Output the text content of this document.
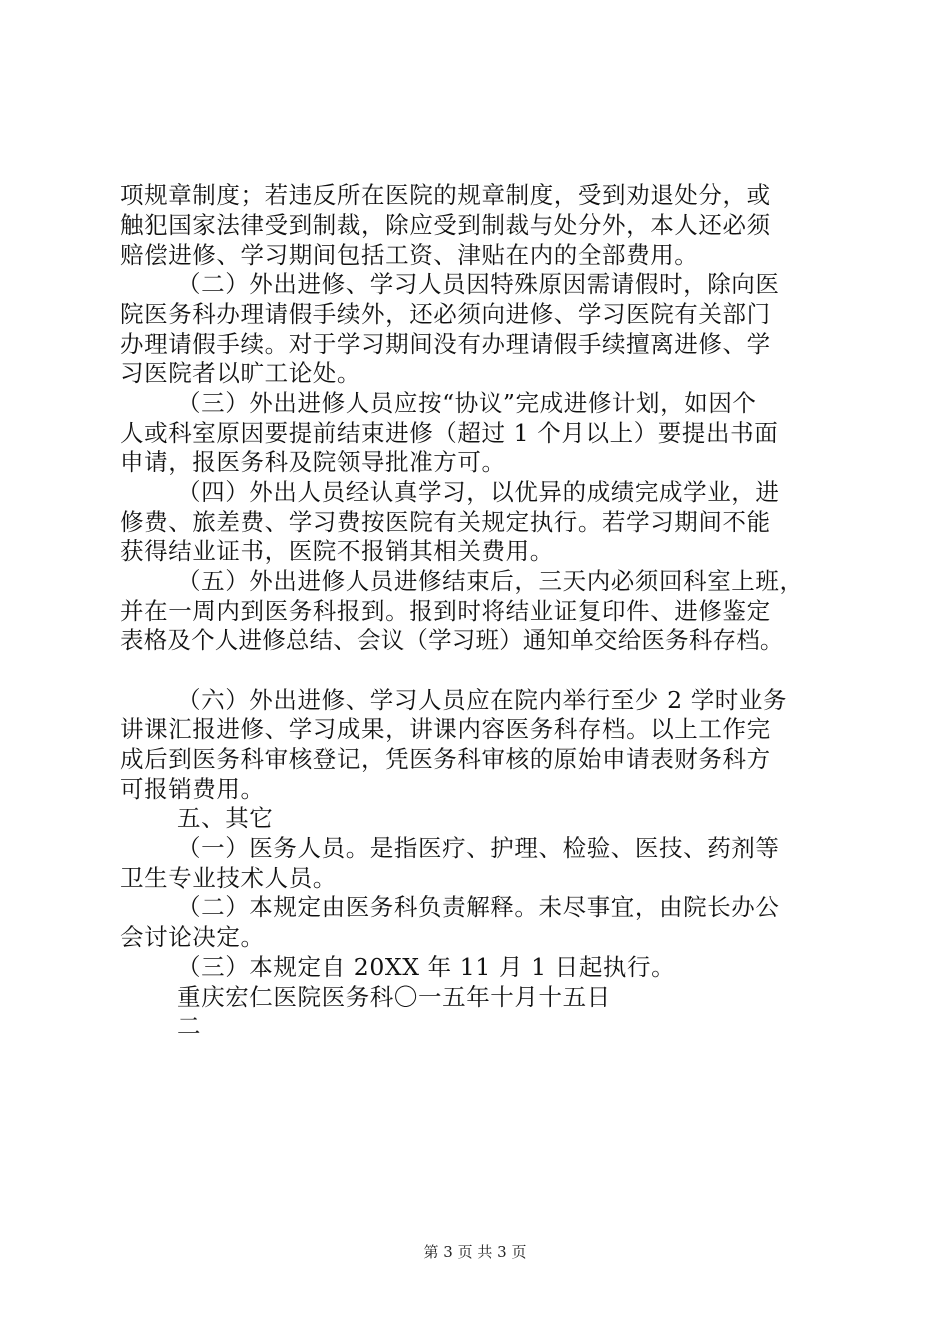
项规章制度；若违反所在医院的规章制度，受到劝退处分，或
触犯国家法律受到制裁，除应受到制裁与处分外，本人还必须
赔偿进修、学习期间包括工资、津贴在内的全部费用。
（二）外出进修、学习人员因特殊原因需请假时，除向医
院医务科办理请假手续外，还必须向进修、学习医院有关部门
办理请假手续。对于学习期间没有办理请假手续擅离进修、学
习医院者以旷工论处。
（三）外出进修人员应按“协议”完成进修计划，如因个
人或科室原因要提前结束进修（超过 1 个月以上）要提出书面
申请，报医务科及院领导批准方可。
（四）外出人员经认真学习，以优异的成绩完成学业，进
修费、旅差费、学习费按医院有关规定执行。若学习期间不能
获得结业证书，医院不报销其相关费用。
（五）外出进修人员进修结束后，三天内必须回科室上班，
并在一周内到医务科报到。报到时将结业证复印件、进修鉴定
表格及个人进修总结、会议（学习班）通知单交给医务科存档。
（六）外出进修、学习人员应在院内举行至少 2 学时业务
讲课汇报进修、学习成果，讲课内容医务科存档。以上工作完
成后到医务科审核登记，凭医务科审核的原始申请表财务科方
可报销费用。
五、其它
（一）医务人员。是指医疗、护理、检验、医技、药剂等
卫生专业技术人员。
（二）本规定由医务科负责解释。未尽事宜，由院长办公
会讨论决定。
（三）本规定自 20XX 年 11 月 1 日起执行。
重庆宏仁医院医务科〇一五年十月十五日
二
第 3 页 共 3 页
